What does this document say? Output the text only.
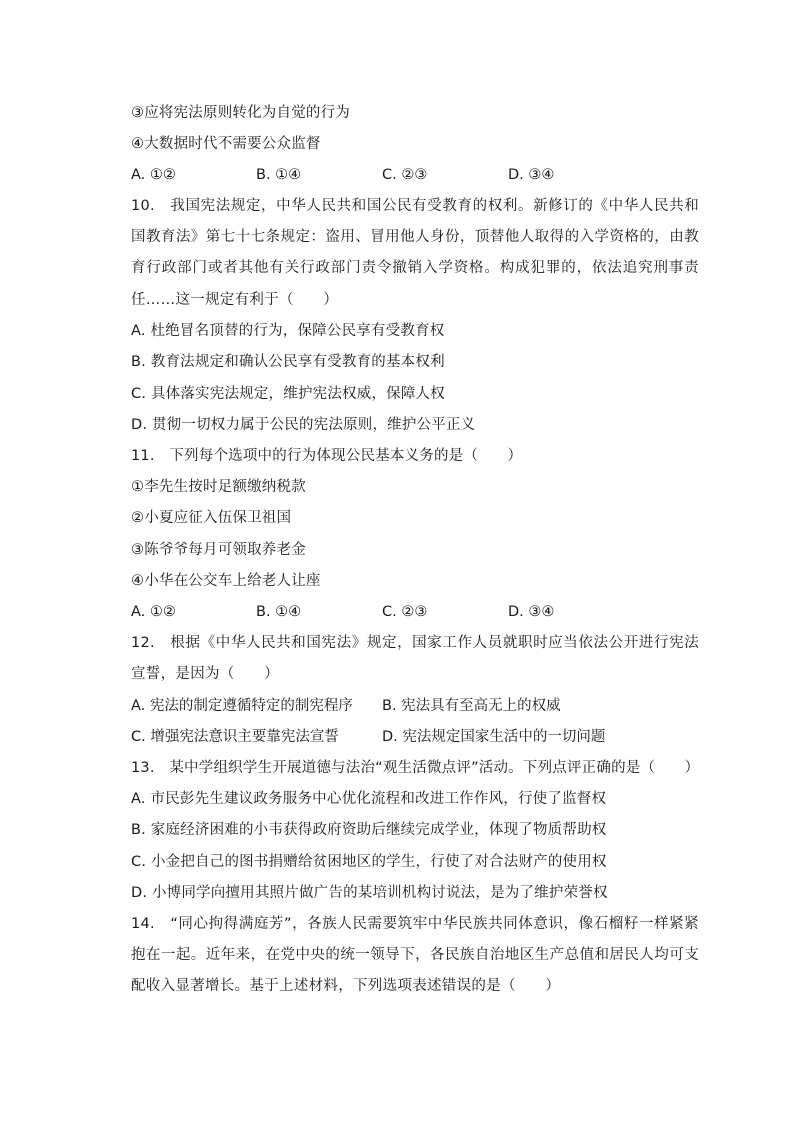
③应将宪法原则转化为自觉的行为
④大数据时代不需要公众监督
A. ①②	B. ①④	C. ②③	D. ③④
10.　我国宪法规定，中华人民共和国公民有受教育的权利。新修订的《中华人民共和国教育法》第七十七条规定：盗用、冒用他人身份，顶替他人取得的入学资格的，由教育行政部门或者其他有关行政部门责令撤销入学资格。构成犯罪的，依法追究刑事责任……这一规定有利于（　　）
A. 杜绝冒名顶替的行为，保障公民享有受教育权
B. 教育法规定和确认公民享有受教育的基本权利
C. 具体落实宪法规定，维护宪法权威，保障人权
D. 贯彻一切权力属于公民的宪法原则，维护公平正义
11.　下列每个选项中的行为体现公民基本义务的是（　　）
①李先生按时足额缴纳税款
②小夏应征入伍保卫祖国
③陈爷爷每月可领取养老金
④小华在公交车上给老人让座
A. ①②	B. ①④	C. ②③	D. ③④
12.　根据《中华人民共和国宪法》规定，国家工作人员就职时应当依法公开进行宪法宣誓，是因为（　　）
A. 宪法的制定遵循特定的制宪程序 B. 宪法具有至高无上的权威
C. 增强宪法意识主要靠宪法宣誓	D. 宪法规定国家生活中的一切问题
13.　某中学组织学生开展道德与法治“观生活微点评”活动。下列点评正确的是（　　）
A. 市民彭先生建议政务服务中心优化流程和改进工作作风，行使了监督权
B. 家庭经济困难的小韦获得政府资助后继续完成学业，体现了物质帮助权
C. 小金把自己的图书捐赠给贫困地区的学生，行使了对合法财产的使用权
D. 小博同学向擅用其照片做广告的某培训机构讨说法，是为了维护荣誉权
14.　“同心拘得满庭芳”，各族人民需要筑牢中华民族共同体意识，像石榴籽一样紧紧抱在一起。近年来，在党中央的统一领导下，各民族自治地区生产总值和居民人均可支配收入显著增长。基于上述材料，下列选项表述错误的是（　　）
